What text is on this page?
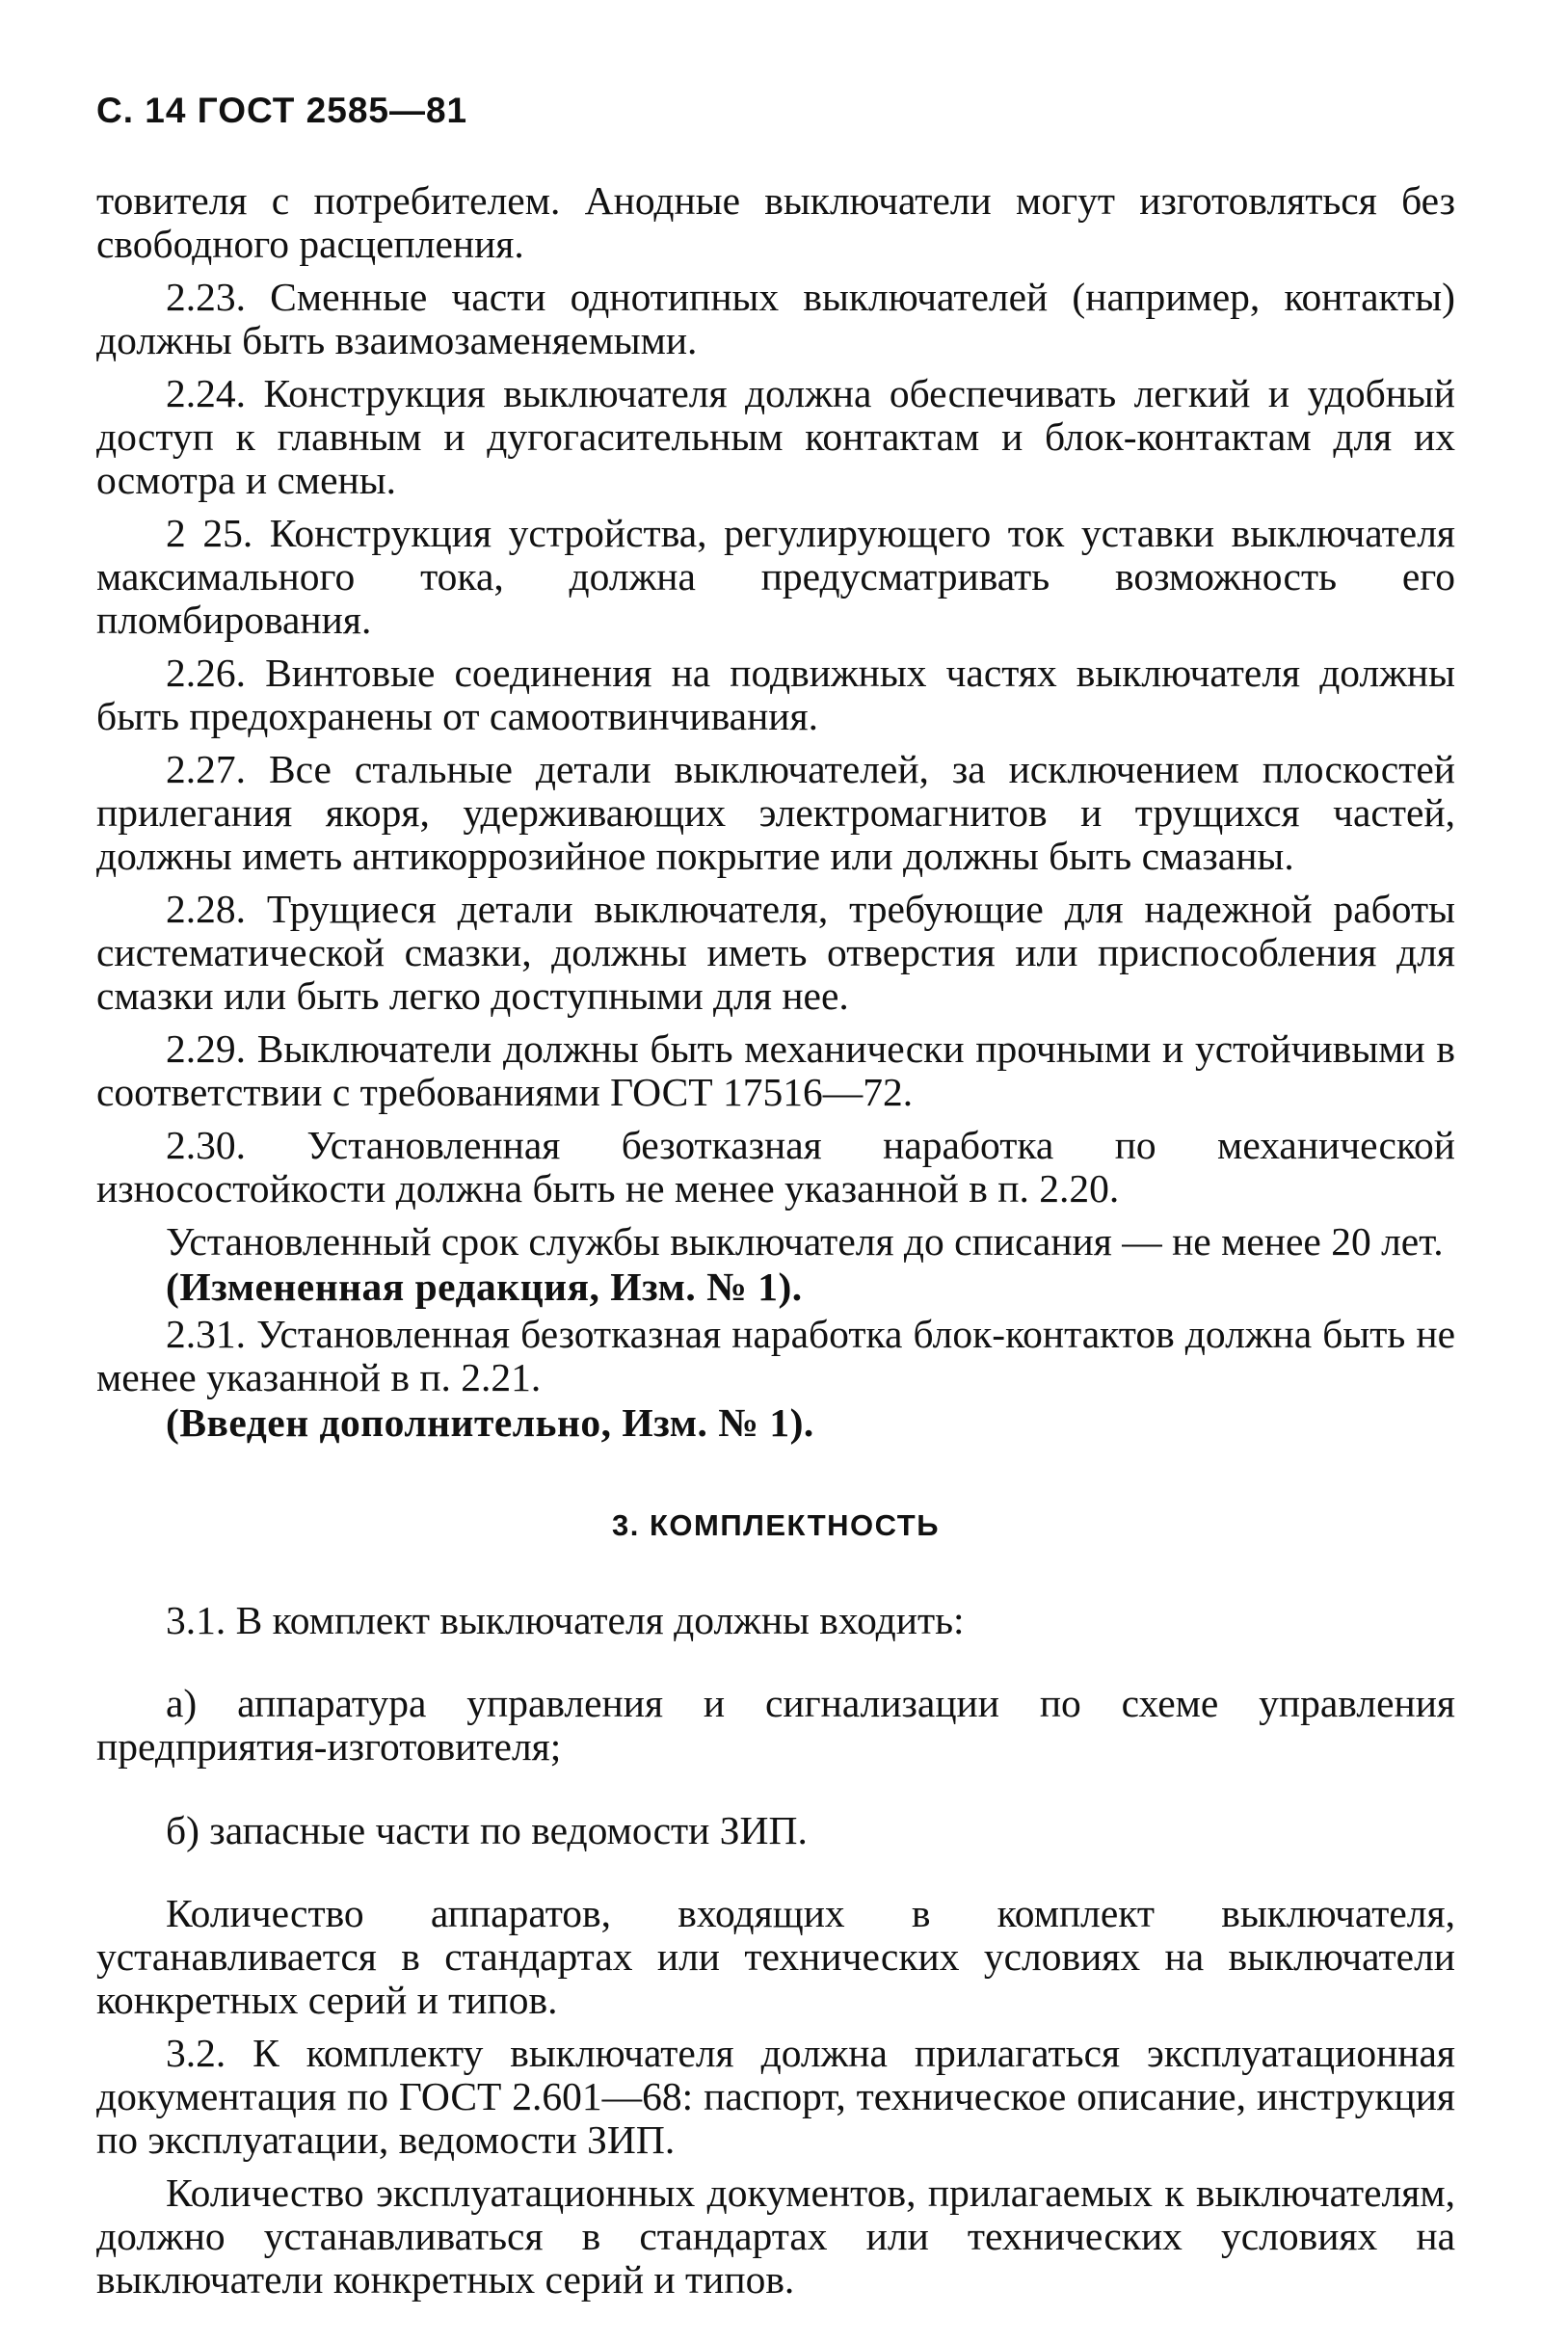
С. 14 ГОСТ 2585—81

товителя с потребителем. Анодные выключатели могут изготовляться без свободного расцепления.

2.23. Сменные части однотипных выключателей (например, контакты) должны быть взаимозаменяемыми.

2.24. Конструкция выключателя должна обеспечивать легкий и удобный доступ к главным и дугогасительным контактам и блок-контактам для их осмотра и смены.

2 25. Конструкция устройства, регулирующего ток уставки выключателя максимального тока, должна предусматривать возможность его пломбирования.

2.26. Винтовые соединения на подвижных частях выключателя должны быть предохранены от самоотвинчивания.

2.27. Все стальные детали выключателей, за исключением плоскостей прилегания якоря, удерживающих электромагнитов и трущихся частей, должны иметь антикоррозийное покрытие или должны быть смазаны.

2.28. Трущиеся детали выключателя, требующие для надежной работы систематической смазки, должны иметь отверстия или приспособления для смазки или быть легко доступными для нее.

2.29. Выключатели должны быть механически прочными и устойчивыми в соответствии с требованиями ГОСТ 17516—72.

2.30. Установленная безотказная наработка по механической износостойкости должна быть не менее указанной в п. 2.20.

Установленный срок службы выключателя до списания — не менее 20 лет.

(Измененная редакция, Изм. № 1).

2.31. Установленная безотказная наработка блок-контактов должна быть не менее указанной в п. 2.21.

(Введен дополнительно, Изм. № 1).

3. КОМПЛЕКТНОСТЬ

3.1. В комплект выключателя должны входить:

а) аппаратура управления и сигнализации по схеме управления предприятия-изготовителя;

б) запасные части по ведомости ЗИП.

Количество аппаратов, входящих в комплект выключателя, устанавливается в стандартах или технических условиях на выключатели конкретных серий и типов.

3.2. К комплекту выключателя должна прилагаться эксплуатационная документация по ГОСТ 2.601—68: паспорт, техническое описание, инструкция по эксплуатации, ведомости ЗИП.

Количество эксплуатационных документов, прилагаемых к выключателям, должно устанавливаться в стандартах или технических условиях на выключатели конкретных серий и типов.
